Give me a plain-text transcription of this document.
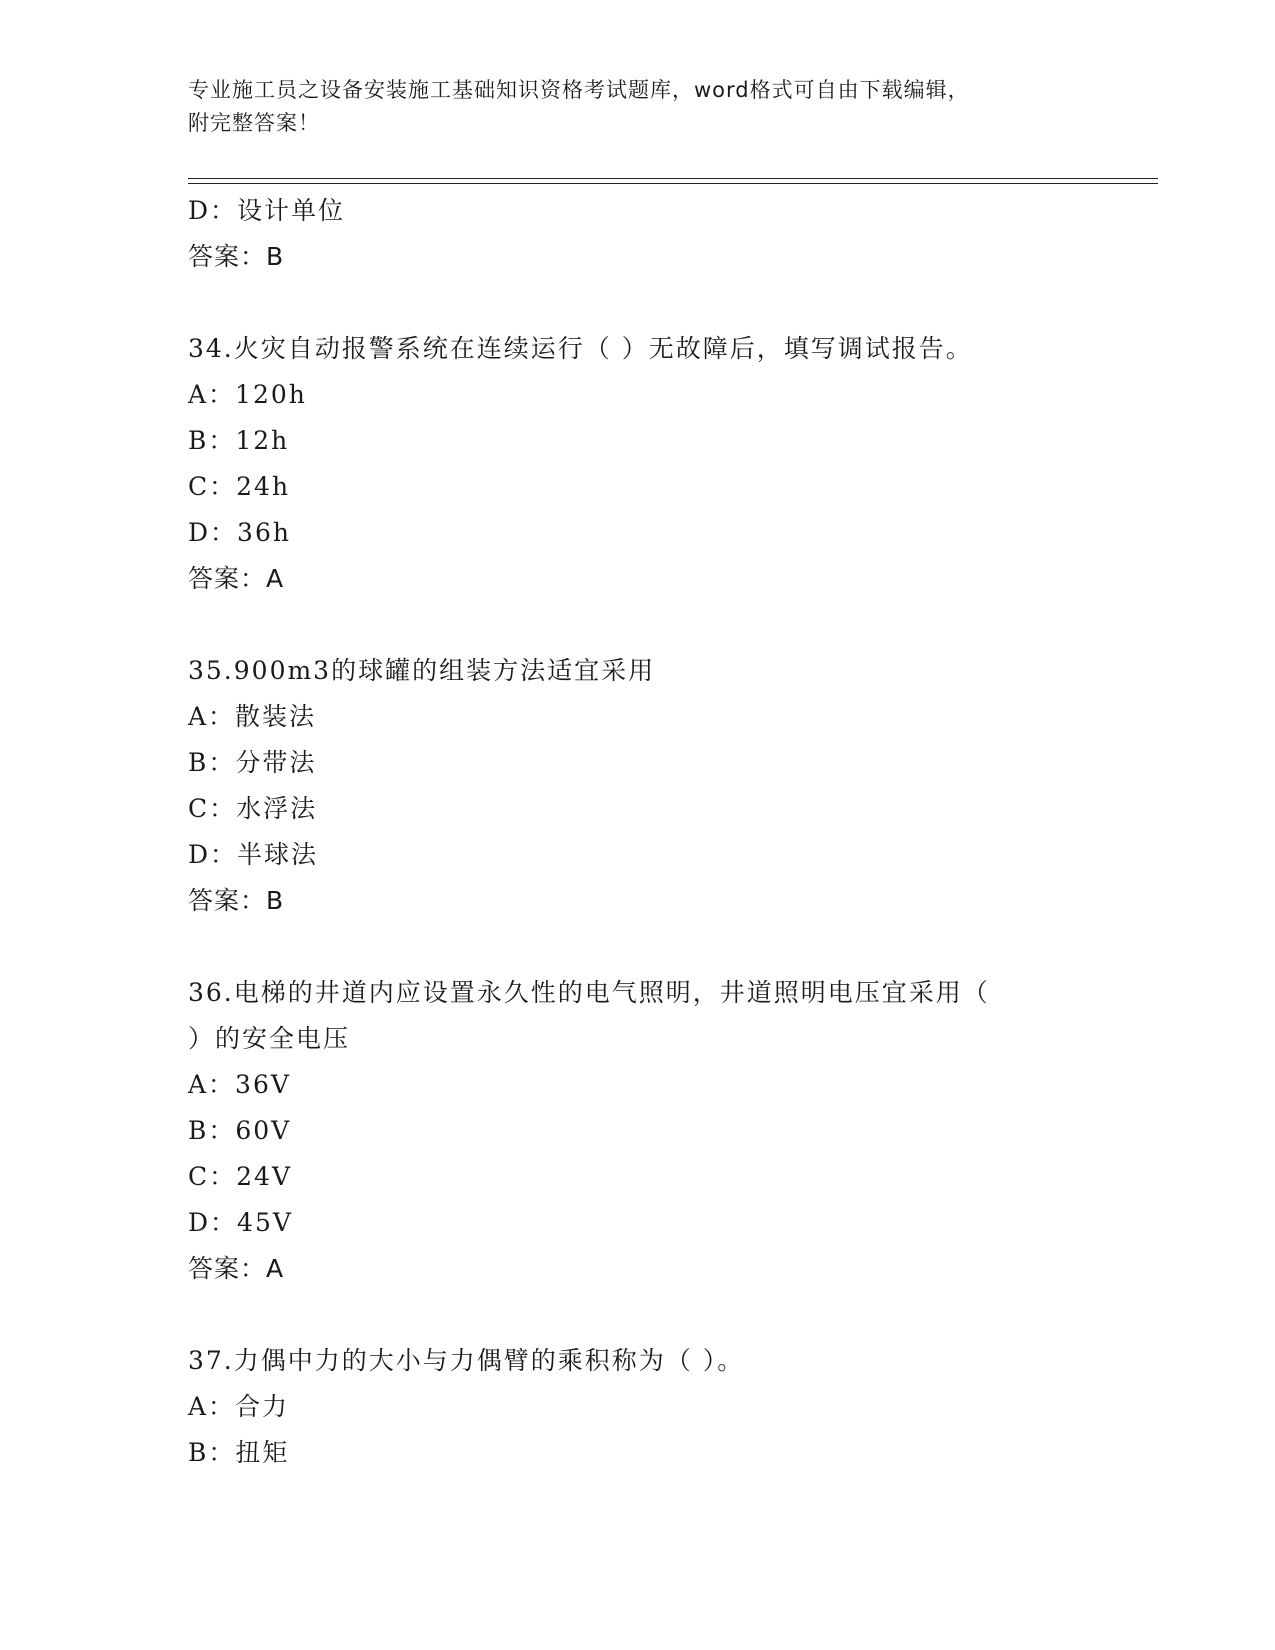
专业施工员之设备安装施工基础知识资格考试题库，word格式可自由下载编辑，
附完整答案！
D：设计单位
答案：B
34.火灾自动报警系统在连续运行（ ）无故障后，填写调试报告。
A：120h
B：12h
C：24h
D：36h
答案：A
35.900m3的球罐的组装方法适宜采用
A：散装法
B：分带法
C：水浮法
D：半球法
答案：B
36.电梯的井道内应设置永久性的电气照明，井道照明电压宜采用（
）的安全电压
A：36V
B：60V
C：24V
D：45V
答案：A
37.力偶中力的大小与力偶臂的乘积称为（ ）。
A：合力
B：扭矩
